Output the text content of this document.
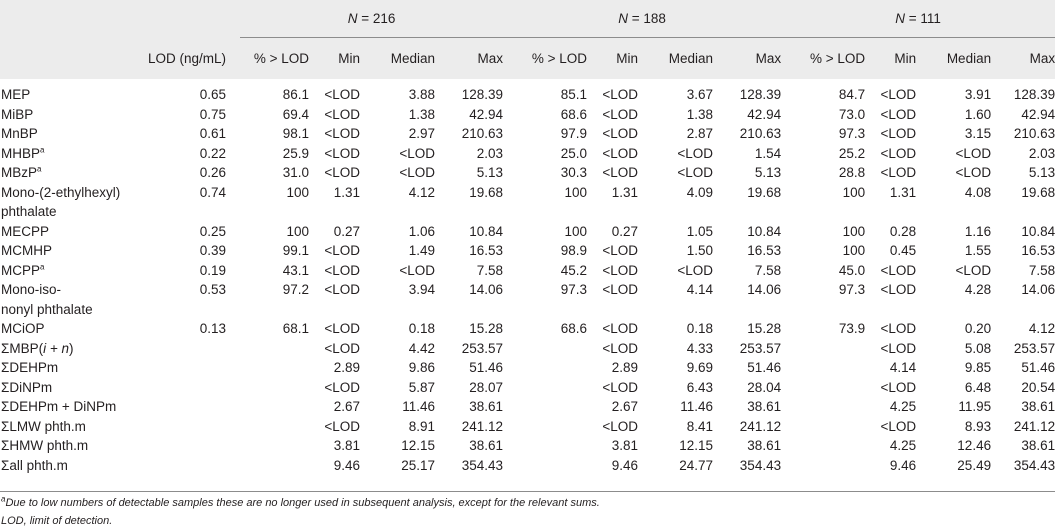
		N = 216				N = 188				N = 111			
	LOD (ng/mL)	% > LOD	Min	Median	Max	% > LOD	Min	Median	Max	% > LOD	Min	Median	Max
MEP	0.65	86.1	<LOD	3.88	128.39	85.1	<LOD	3.67	128.39	84.7	<LOD	3.91	128.39
MiBP	0.75	69.4	<LOD	1.38	42.94	68.6	<LOD	1.38	42.94	73.0	<LOD	1.60	42.94
MnBP	0.61	98.1	<LOD	2.97	210.63	97.9	<LOD	2.87	210.63	97.3	<LOD	3.15	210.63
MHBP$^a$	0.22	25.9	<LOD	<LOD	2.03	25.0	<LOD	<LOD	1.54	25.2	<LOD	<LOD	2.03
MBzP$^a$	0.26	31.0	<LOD	<LOD	5.13	30.3	<LOD	<LOD	5.13	28.8	<LOD	<LOD	5.13
Mono-(2-ethylhexyl)
phthalate	0.74	100	1.31	4.12	19.68	100	1.31	4.09	19.68	100	1.31	4.08	19.68
MECPP	0.25	100	0.27	1.06	10.84	100	0.27	1.05	10.84	100	0.28	1.16	10.84
MCMHP	0.39	99.1	<LOD	1.49	16.53	98.9	<LOD	1.50	16.53	100	0.45	1.55	16.53
MCPP$^a$	0.19	43.1	<LOD	<LOD	7.58	45.2	<LOD	<LOD	7.58	45.0	<LOD	<LOD	7.58
Mono-iso-
nonyl phthalate	0.53	97.2	<LOD	3.94	14.06	97.3	<LOD	4.14	14.06	97.3	<LOD	4.28	14.06
MCiOP	0.13	68.1	<LOD	0.18	15.28	68.6	<LOD	0.18	15.28	73.9	<LOD	0.20	4.12
ΣMBP(i + n)			<LOD	4.42	253.57		<LOD	4.33	253.57		<LOD	5.08	253.57
ΣDEHPm			2.89	9.86	51.46		2.89	9.69	51.46		4.14	9.85	51.46
ΣDiNPm			<LOD	5.87	28.07		<LOD	6.43	28.04		<LOD	6.48	20.54
ΣDEHPm + DiNPm			2.67	11.46	38.61		2.67	11.46	38.61		4.25	11.95	38.61
ΣLMW phth.m			<LOD	8.91	241.12		<LOD	8.41	241.12		<LOD	8.93	241.12
ΣHMW phth.m			3.81	12.15	38.61		3.81	12.15	38.61		4.25	12.46	38.61
Σall phth.m			9.46	25.17	354.43		9.46	24.77	354.43		9.46	25.49	354.43
$^a$Due to low numbers of detectable samples these are no longer used in subsequent analysis, except for the relevant sums.
LOD, limit of detection.
